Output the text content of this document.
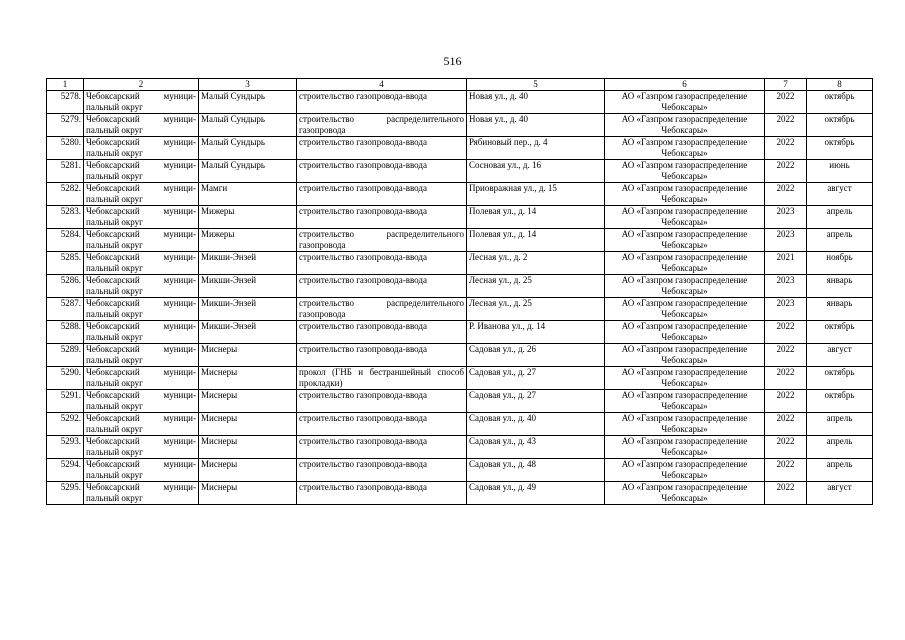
516
1	2	3	4	5	6	7	8
5278.	Чебоксарский муници-пальный округ	Малый Сундырь	строительство газопровода-ввода	Новая ул., д. 40	АО «Газпром газораспределение Чебоксары»	2022	октябрь
5279.	Чебоксарский муници-пальный округ	Малый Сундырь	строительство распределительного газопровода	Новая ул., д. 40	АО «Газпром газораспределение Чебоксары»	2022	октябрь
5280.	Чебоксарский муници-пальный округ	Малый Сундырь	строительство газопровода-ввода	Рябиновый пер., д. 4	АО «Газпром газораспределение Чебоксары»	2022	октябрь
5281.	Чебоксарский муници-пальный округ	Малый Сундырь	строительство газопровода-ввода	Сосновая ул., д. 16	АО «Газпром газораспределение Чебоксары»	2022	июнь
5282.	Чебоксарский муници-пальный округ	Мамги	строительство газопровода-ввода	Приовражная ул., д. 15	АО «Газпром газораспределение Чебоксары»	2022	август
5283.	Чебоксарский муници-пальный округ	Мижеры	строительство газопровода-ввода	Полевая ул., д. 14	АО «Газпром газораспределение Чебоксары»	2023	апрель
5284.	Чебоксарский муници-пальный округ	Мижеры	строительство распределительного газопровода	Полевая ул., д. 14	АО «Газпром газораспределение Чебоксары»	2023	апрель
5285.	Чебоксарский муници-пальный округ	Микши-Энзей	строительство газопровода-ввода	Лесная ул., д. 2	АО «Газпром газораспределение Чебоксары»	2021	ноябрь
5286.	Чебоксарский муници-пальный округ	Микши-Энзей	строительство газопровода-ввода	Лесная ул., д. 25	АО «Газпром газораспределение Чебоксары»	2023	январь
5287.	Чебоксарский муници-пальный округ	Микши-Энзей	строительство распределительного газопровода	Лесная ул., д. 25	АО «Газпром газораспределение Чебоксары»	2023	январь
5288.	Чебоксарский муници-пальный округ	Микши-Энзей	строительство газопровода-ввода	Р. Иванова ул., д. 14	АО «Газпром газораспределение Чебоксары»	2022	октябрь
5289.	Чебоксарский муници-пальный округ	Миснеры	строительство газопровода-ввода	Садовая ул., д. 26	АО «Газпром газораспределение Чебоксары»	2022	август
5290.	Чебоксарский муници-пальный округ	Миснеры	прокол (ГНБ и бестраншейный способ прокладки)	Садовая ул., д. 27	АО «Газпром газораспределение Чебоксары»	2022	октябрь
5291.	Чебоксарский муници-пальный округ	Миснеры	строительство газопровода-ввода	Садовая ул., д. 27	АО «Газпром газораспределение Чебоксары»	2022	октябрь
5292.	Чебоксарский муници-пальный округ	Миснеры	строительство газопровода-ввода	Садовая ул., д. 40	АО «Газпром газораспределение Чебоксары»	2022	апрель
5293.	Чебоксарский муници-пальный округ	Миснеры	строительство газопровода-ввода	Садовая ул., д. 43	АО «Газпром газораспределение Чебоксары»	2022	апрель
5294.	Чебоксарский муници-пальный округ	Миснеры	строительство газопровода-ввода	Садовая ул., д. 48	АО «Газпром газораспределение Чебоксары»	2022	апрель
5295.	Чебоксарский муници-пальный округ	Миснеры	строительство газопровода-ввода	Садовая ул., д. 49	АО «Газпром газораспределение Чебоксары»	2022	август
